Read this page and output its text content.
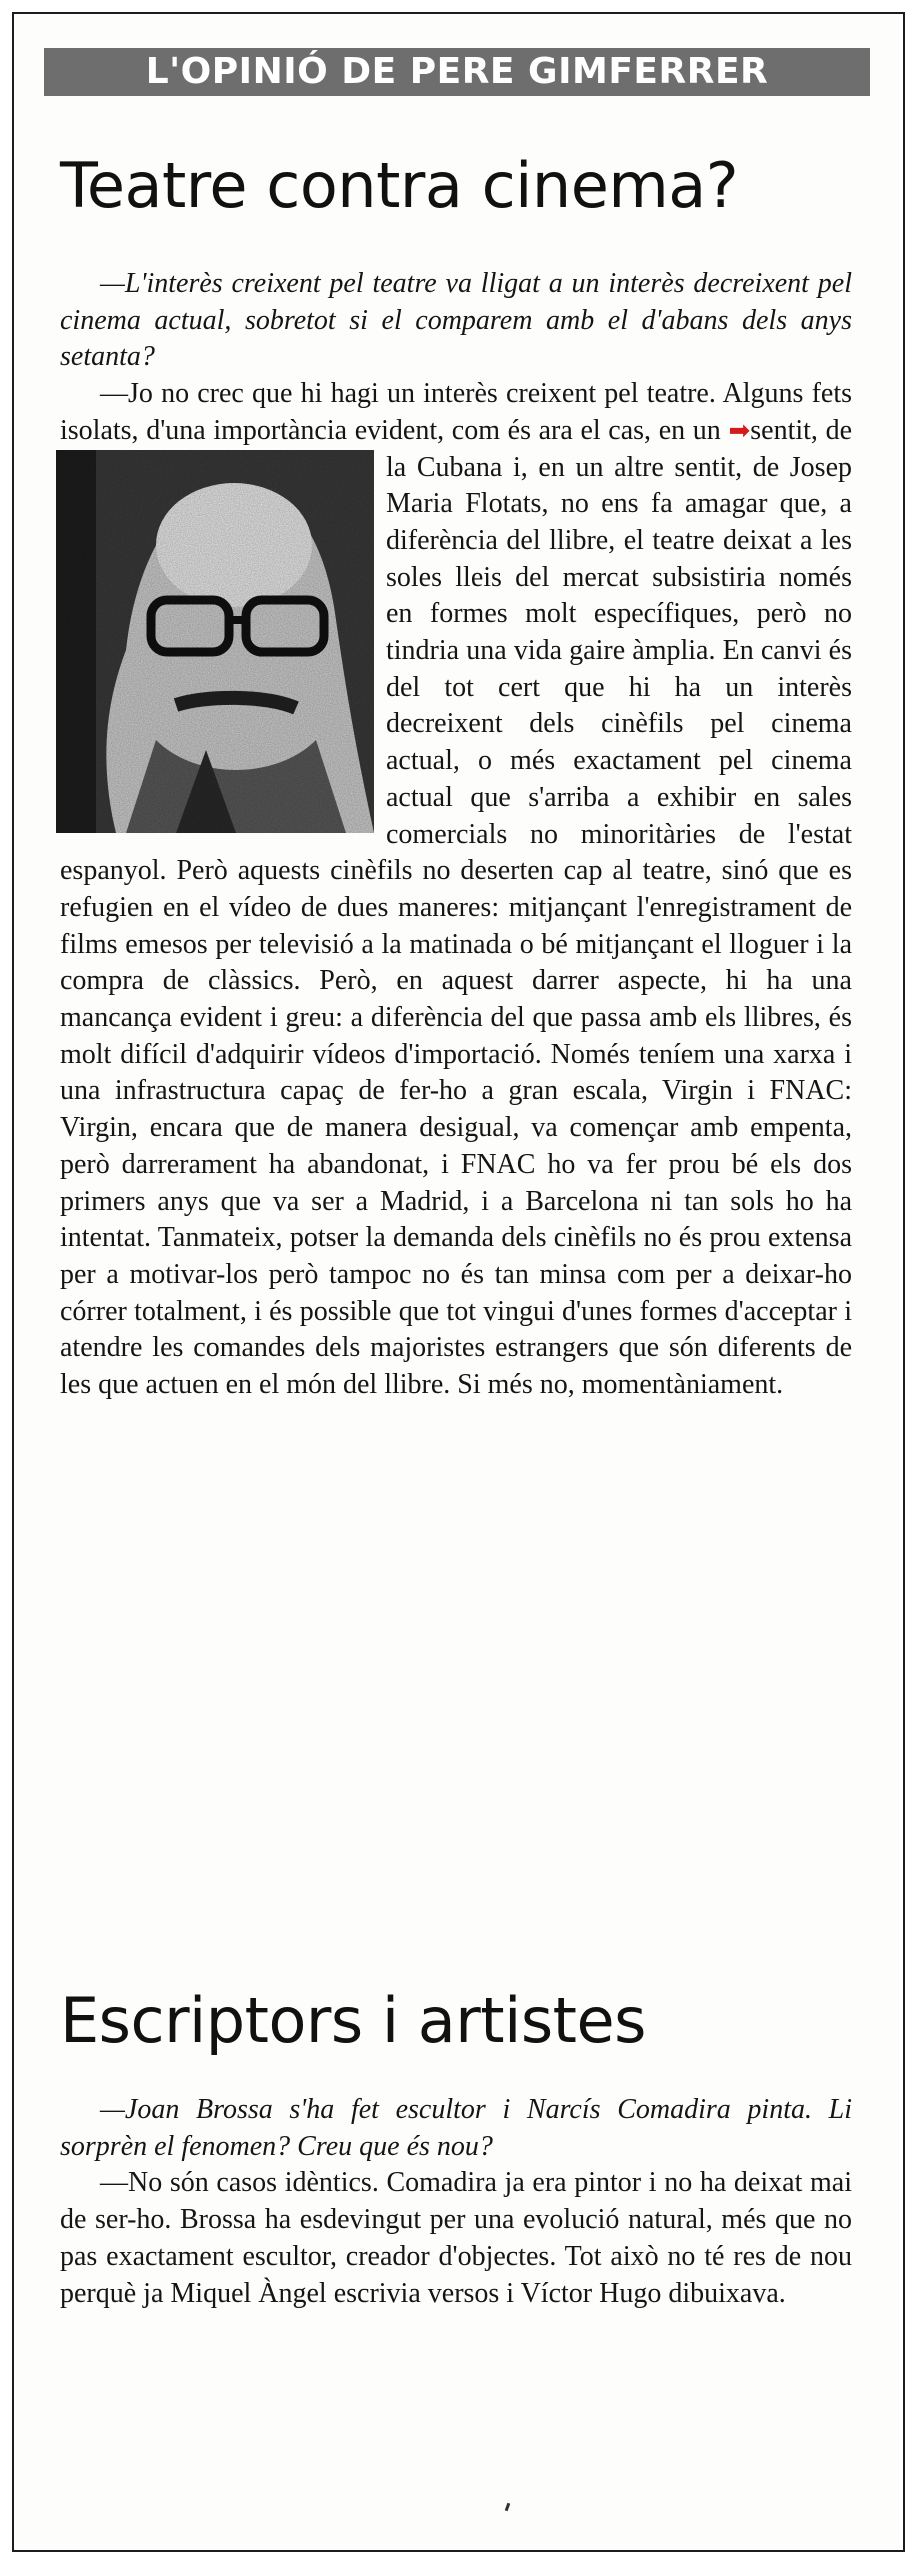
L'OPINIÓ DE PERE GIMFERRER
Teatre contra cinema?

—L'interès creixent pel teatre va lligat a un interès decreixent pel cinema actual, sobretot si el comparem amb el d'abans dels anys setanta?

—Jo no crec que hi hagi un interès creixent pel teatre. Alguns fets isolats, d'una importància evident, com és ara el cas, en un ➡sentit, de la Cubana i, en un altre sentit, de Josep Maria Flotats, no ens fa amagar que, a diferència del llibre, el teatre deixat a les soles lleis del mercat subsistiria només en formes molt específiques, però no tindria una vida gaire àmplia. En canvi és del tot cert que hi ha un interès decreixent dels cinèfils pel cinema actual, o més exactament pel cinema actual que s'arriba a exhibir en sales comercials no minoritàries de l'estat espanyol. Però aquests cinèfils no deserten cap al teatre, sinó que es refugien en el vídeo de dues maneres: mitjançant l'enregistrament de films emesos per televisió a la matinada o bé mitjançant el lloguer i la compra de clàssics. Però, en aquest darrer aspecte, hi ha una mancança evident i greu: a diferència del que passa amb els llibres, és molt difícil d'adquirir vídeos d'importació. Només teníem una xarxa i una infrastructura capaç de fer-ho a gran escala, Virgin i FNAC: Virgin, encara que de manera desigual, va començar amb empenta, però darrerament ha abandonat, i FNAC ho va fer prou bé els dos primers anys que va ser a Madrid, i a Barcelona ni tan sols ho ha intentat. Tanmateix, potser la demanda dels cinèfils no és prou extensa per a motivar-los però tampoc no és tan minsa com per a deixar-ho córrer totalment, i és possible que tot vingui d'unes formes d'acceptar i atendre les comandes dels majoristes estrangers que són diferents de les que actuen en el món del llibre. Si més no, momentàniament.

Escriptors i artistes

—Joan Brossa s'ha fet escultor i Narcís Comadira pinta. Li sorprèn el fenomen? Creu que és nou?

—No són casos idèntics. Comadira ja era pintor i no ha deixat mai de ser-ho. Brossa ha esdevingut per una evolució natural, més que no pas exactament escultor, creador d'objectes. Tot això no té res de nou perquè ja Miquel Àngel escrivia versos i Víctor Hugo dibuixava.
